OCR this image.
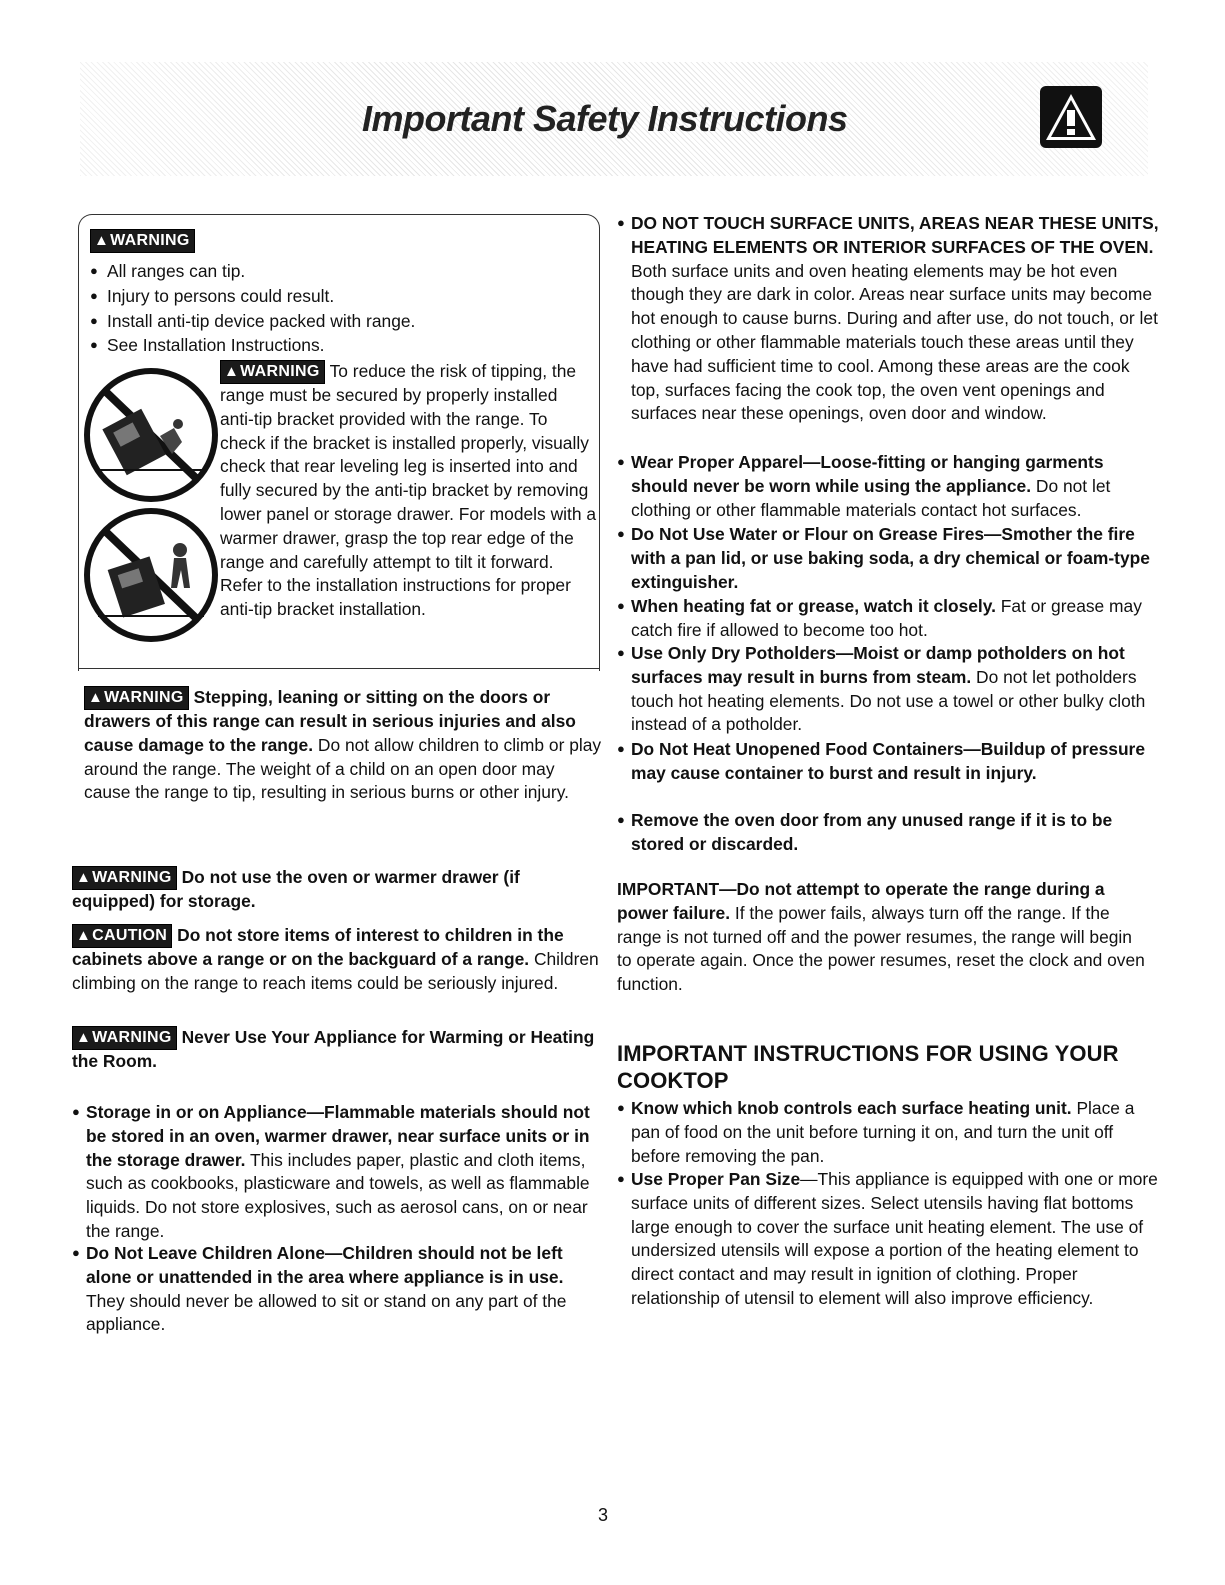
Important Safety Instructions
▲WARNING
● All ranges can tip.
● Injury to persons could result.
● Install anti-tip device packed with range.
● See Installation Instructions.
▲WARNING To reduce the risk of tipping, the range must be secured by properly installed anti-tip bracket provided with the range. To check if the bracket is installed properly, visually check that rear leveling leg is inserted into and fully secured by the anti-tip bracket by removing lower panel or storage drawer. For models with a warmer drawer, grasp the top rear edge of the range and carefully attempt to tilt it forward. Refer to the installation instructions for proper anti-tip bracket installation.

▲WARNING Stepping, leaning or sitting on the doors or drawers of this range can result in serious injuries and also cause damage to the range. Do not allow children to climb or play around the range. The weight of a child on an open door may cause the range to tip, resulting in serious burns or other injury.

▲WARNING Do not use the oven or warmer drawer (if equipped) for storage.

▲CAUTION Do not store items of interest to children in the cabinets above a range or on the backguard of a range. Children climbing on the range to reach items could be seriously injured.

▲WARNING Never Use Your Appliance for Warming or Heating the Room.

● Storage in or on Appliance—Flammable materials should not be stored in an oven, warmer drawer, near surface units or in the storage drawer. This includes paper, plastic and cloth items, such as cookbooks, plasticware and towels, as well as flammable liquids. Do not store explosives, such as aerosol cans, on or near the range.

● Do Not Leave Children Alone—Children should not be left alone or unattended in the area where appliance is in use. They should never be allowed to sit or stand on any part of the appliance.

● DO NOT TOUCH SURFACE UNITS, AREAS NEAR THESE UNITS, HEATING ELEMENTS OR INTERIOR SURFACES OF THE OVEN. Both surface units and oven heating elements may be hot even though they are dark in color. Areas near surface units may become hot enough to cause burns. During and after use, do not touch, or let clothing or other flammable materials touch these areas until they have had sufficient time to cool. Among these areas are the cook top, surfaces facing the cook top, the oven vent openings and surfaces near these openings, oven door and window.

● Wear Proper Apparel—Loose-fitting or hanging garments should never be worn while using the appliance. Do not let clothing or other flammable materials contact hot surfaces.

● Do Not Use Water or Flour on Grease Fires—Smother the fire with a pan lid, or use baking soda, a dry chemical or foam-type extinguisher.

● When heating fat or grease, watch it closely. Fat or grease may catch fire if allowed to become too hot.

● Use Only Dry Potholders—Moist or damp potholders on hot surfaces may result in burns from steam. Do not let potholders touch hot heating elements. Do not use a towel or other bulky cloth instead of a potholder.

● Do Not Heat Unopened Food Containers—Buildup of pressure may cause container to burst and result in injury.

● Remove the oven door from any unused range if it is to be stored or discarded.

IMPORTANT—Do not attempt to operate the range during a power failure. If the power fails, always turn off the range. If the range is not turned off and the power resumes, the range will begin to operate again. Once the power resumes, reset the clock and oven function.

IMPORTANT INSTRUCTIONS FOR USING YOUR COOKTOP

● Know which knob controls each surface heating unit. Place a pan of food on the unit before turning it on, and turn the unit off before removing the pan.

● Use Proper Pan Size—This appliance is equipped with one or more surface units of different sizes. Select utensils having flat bottoms large enough to cover the surface unit heating element. The use of undersized utensils will expose a portion of the heating element to direct contact and may result in ignition of clothing. Proper relationship of utensil to element will also improve efficiency.

3
